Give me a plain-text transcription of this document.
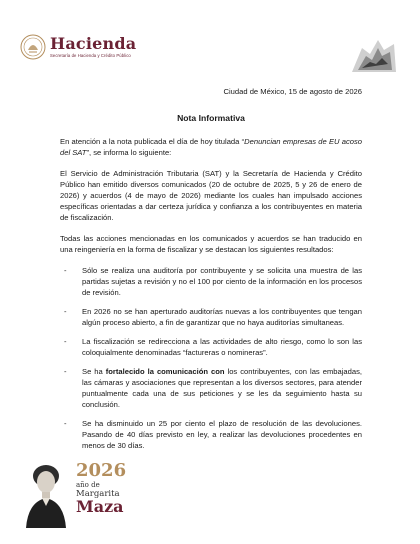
Hacienda
Secretaría de Hacienda y Crédito Público

Ciudad de México, 15 de agosto de 2026

Nota Informativa

En atención a la nota publicada el día de hoy titulada “Denuncian empresas de EU acoso del SAT”, se informa lo siguiente:

El Servicio de Administración Tributaria (SAT) y la Secretaría de Hacienda y Crédito Público han emitido diversos comunicados (20 de octubre de 2025, 5 y 26 de enero de 2026) y acuerdos (4 de mayo de 2026) mediante los cuales han impulsado acciones específicas orientadas a dar certeza jurídica y confianza a los contribuyentes en materia de fiscalización.

Todas las acciones mencionadas en los comunicados y acuerdos se han traducido en una reingeniería en la forma de fiscalizar y se destacan los siguientes resultados:

- Sólo se realiza una auditoría por contribuyente y se solicita una muestra de las partidas sujetas a revisión y no el 100 por ciento de la información en los procesos de revisión.
- En 2026 no se han aperturado auditorías nuevas a los contribuyentes que tengan algún proceso abierto, a fin de garantizar que no haya auditorías simultaneas.
- La fiscalización se redirecciona a las actividades de alto riesgo, como lo son las coloquialmente denominadas “factureras o nomineras”.
- Se ha fortalecido la comunicación con los contribuyentes, con las embajadas, las cámaras y asociaciones que representan a los diversos sectores, para atender puntualmente cada una de sus peticiones y se les da seguimiento hasta su conclusión.
- Se ha disminuido un 25 por ciento el plazo de resolución de las devoluciones. Pasando de 40 días previsto en ley, a realizar las devoluciones procedentes en menos de 30 días.
2026
año de
Margarita
Maza
